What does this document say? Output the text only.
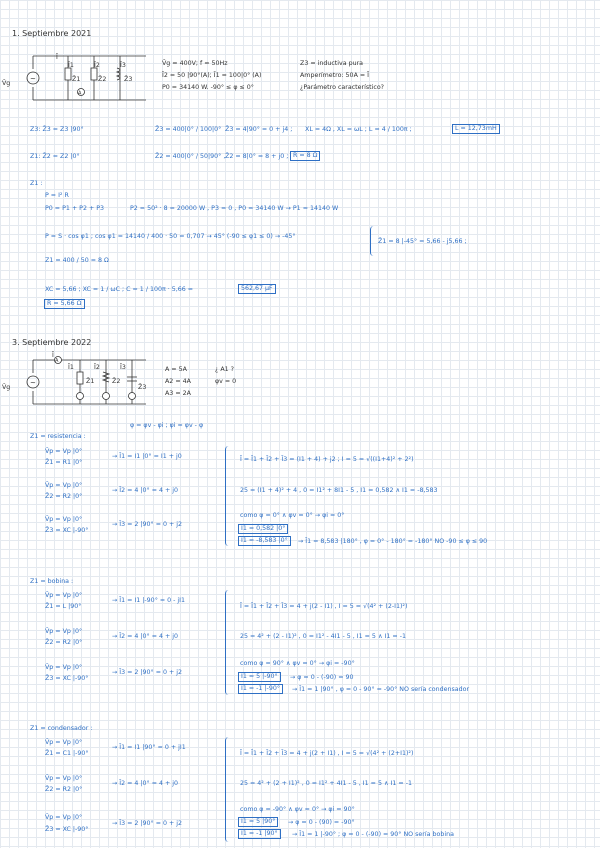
1. Septiembre 2021
~
A
V̄g
Ī
Ī1	Ī2	Ī3
Z̄1	Z̄2	Z̄3
V̄g = 400V; f = 50Hz
Ī2 = 50 |90°(A); Ī1 = 100|0° (A)
P0 = 34140 W. -90° ≤ φ ≤ 0°
Z3 = inductiva pura
Amperímetro: 50A = Ī
¿Parámetro característico?
Z3: Z̄3 = Z3 |90°	Z̄3 = 400|0° / 100|0° Z̄3 = 4|90° = 0 + j4 ; XL = 4Ω , XL = ωL ; L = 4 / 100π ;	L = 12,73mH
Z1: Z̄2 = Z2 |0°	Z̄2 = 400|0° / 50|90° , Z̄2 = 8|0° = 8 + j0 ; R = 8 Ω
Z1 :
P = I² R
P0 = P1 + P2 + P3	P2 = 50² · 8 = 20000 W , P3 = 0 , P0 = 34140 W → P1 = 14140 W
P = S · cos φ1 ; cos φ1 = 14140 / 400 · 50 = 0,707 → 45° (-90 ≤ φ1 ≤ 0) → -45°
Z̄1 = 8 |-45° = 5,66 - j5,66 ;
Z1 = 400 / 50 = 8 Ω
XC = 5,66 ; XC = 1 / ωC ; C = 1 / 100π · 5,66 =	562,67 μF
R = 5,66 Ω
3. Septiembre 2022
~
A
V̄g
Ī
Ī1	Ī2	Ī3
Z̄1	Z̄2
Z̄3
A = 5A
A2 = 4A
A3 = 2A
¿ A1 ?
φv = 0
φ = φv - φi ; φi = φv - φ
Z1 = resistencia :
V̄p = Vp |0°
Z̄1 = R1 |0°
→ Ī1 = I1 |0° = I1 + j0
V̄p = Vp |0°
Z̄2 = R2 |0°
→ Ī2 = 4 |0° = 4 + j0
V̄p = Vp |0°
Z̄3 = XC |-90°
→ Ī3 = 2 |90° = 0 + j2
Ī = Ī1 + Ī2 + Ī3 = (I1 + 4) + j2 ; I = 5 = √((I1+4)² + 2²)
25 = (I1 + 4)² + 4 , 0 = I1² + 8I1 - 5 , I1 = 0,582 ∧ I1 = -8,583
como φ = 0° ∧ φv = 0° → φi = 0°
Ī1 = 0,582 |0°
Ī1 = -8,583 |0°	→ Ī1 = 8,583 |180° , φ = 0° - 180° = -180° NO -90 ≤ φ ≤ 90
Z1 = bobina :
V̄p = Vp |0°
Z̄1 = L |90°
→ Ī1 = I1 |-90° = 0 - jI1
V̄p = Vp |0°
Z̄2 = R2 |0°
→ Ī2 = 4 |0° = 4 + j0
V̄p = Vp |0°
Z̄3 = XC |-90°
→ Ī3 = 2 |90° = 0 + j2
Ī = Ī1 + Ī2 + Ī3 = 4 + j(2 - I1) , I = 5 = √(4² + (2-I1)²)
25 = 4² + (2 - I1)² , 0 = I1² - 4I1 - 5 , I1 = 5 ∧ I1 = -1
como φ = 90° ∧ φv = 0° → φi = -90°
Ī1 = 5 |-90°	→ φ = 0 - (-90) = 90
Ī1 = -1 |-90°	→ Ī1 = 1 |90° , φ = 0 - 90° = -90° NO sería condensador
Z1 = condensador :
V̄p = Vp |0°
Z̄1 = C1 |-90°
→ Ī1 = I1 |90° = 0 + jI1
V̄p = Vp |0°
Z̄2 = R2 |0°
→ Ī2 = 4 |0° = 4 + j0
V̄p = Vp |0°
Z̄3 = XC |-90°
→ Ī3 = 2 |90° = 0 + j2
Ī = Ī1 + Ī2 + Ī3 = 4 + j(2 + I1) , I = 5 = √(4² + (2+I1)²)
25 = 4² + (2 + I1)² , 0 = I1² + 4I1 - 5 , I1 = 5 ∧ I1 = -1
como φ = -90° ∧ φv = 0° → φi = 90°
Ī1 = 5 |90°	→ φ = 0 - (90) = -90°
Ī1 = -1 |90°	→ Ī1 = 1 |-90° ; φ = 0 - (-90) = 90° NO sería bobina
